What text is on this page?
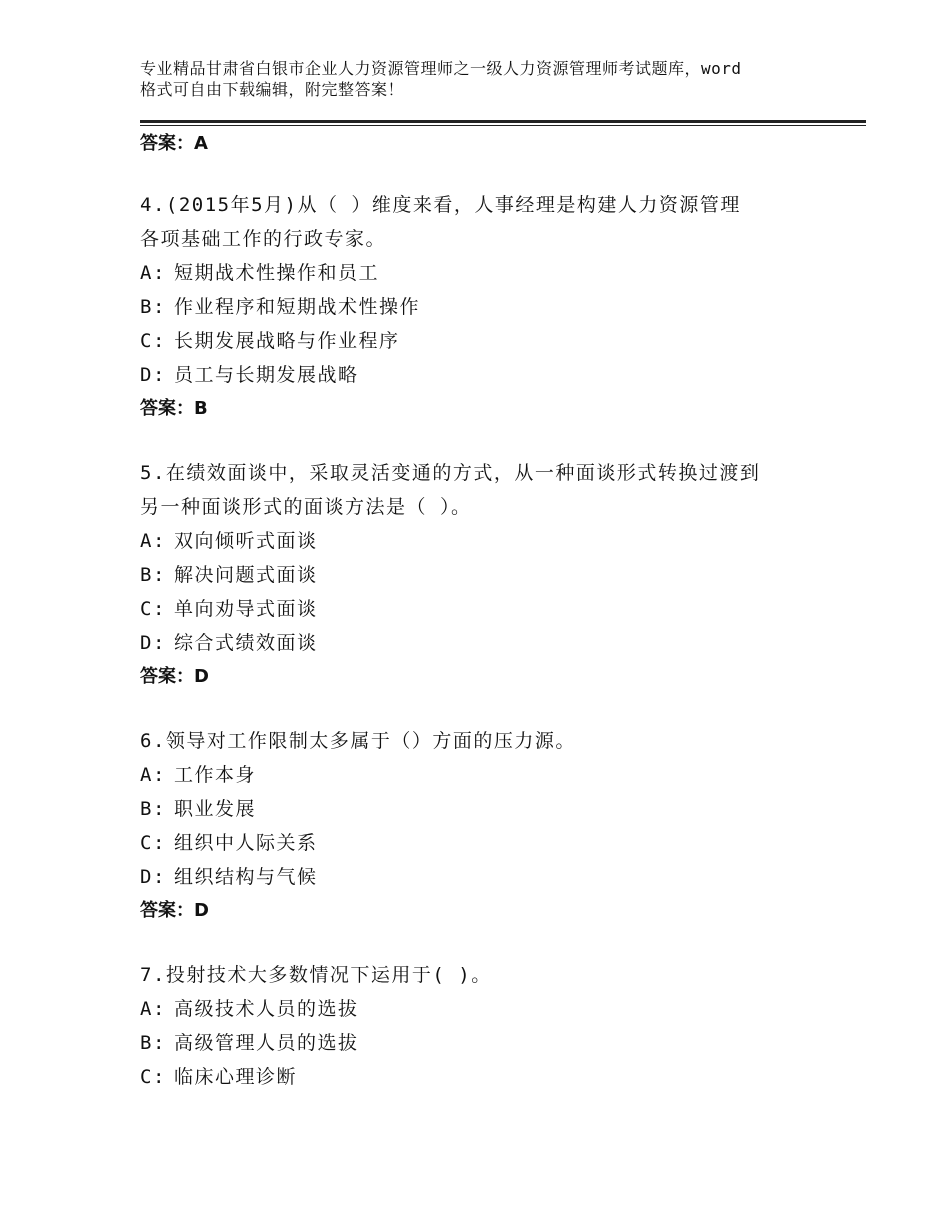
专业精品甘肃省白银市企业人力资源管理师之一级人力资源管理师考试题库，word
格式可自由下载编辑，附完整答案！
答案：A
4.(2015年5月)从（ ）维度来看，人事经理是构建人力资源管理
各项基础工作的行政专家。
A: 短期战术性操作和员工
B: 作业程序和短期战术性操作
C: 长期发展战略与作业程序
D: 员工与长期发展战略
答案：B
5.在绩效面谈中，采取灵活变通的方式，从一种面谈形式转换过渡到
另一种面谈形式的面谈方法是（ ）。
A: 双向倾听式面谈
B: 解决问题式面谈
C: 单向劝导式面谈
D: 综合式绩效面谈
答案：D
6.领导对工作限制太多属于（）方面的压力源。
A: 工作本身
B: 职业发展
C: 组织中人际关系
D: 组织结构与气候
答案：D
7.投射技术大多数情况下运用于( )。
A: 高级技术人员的选拔
B: 高级管理人员的选拔
C: 临床心理诊断
